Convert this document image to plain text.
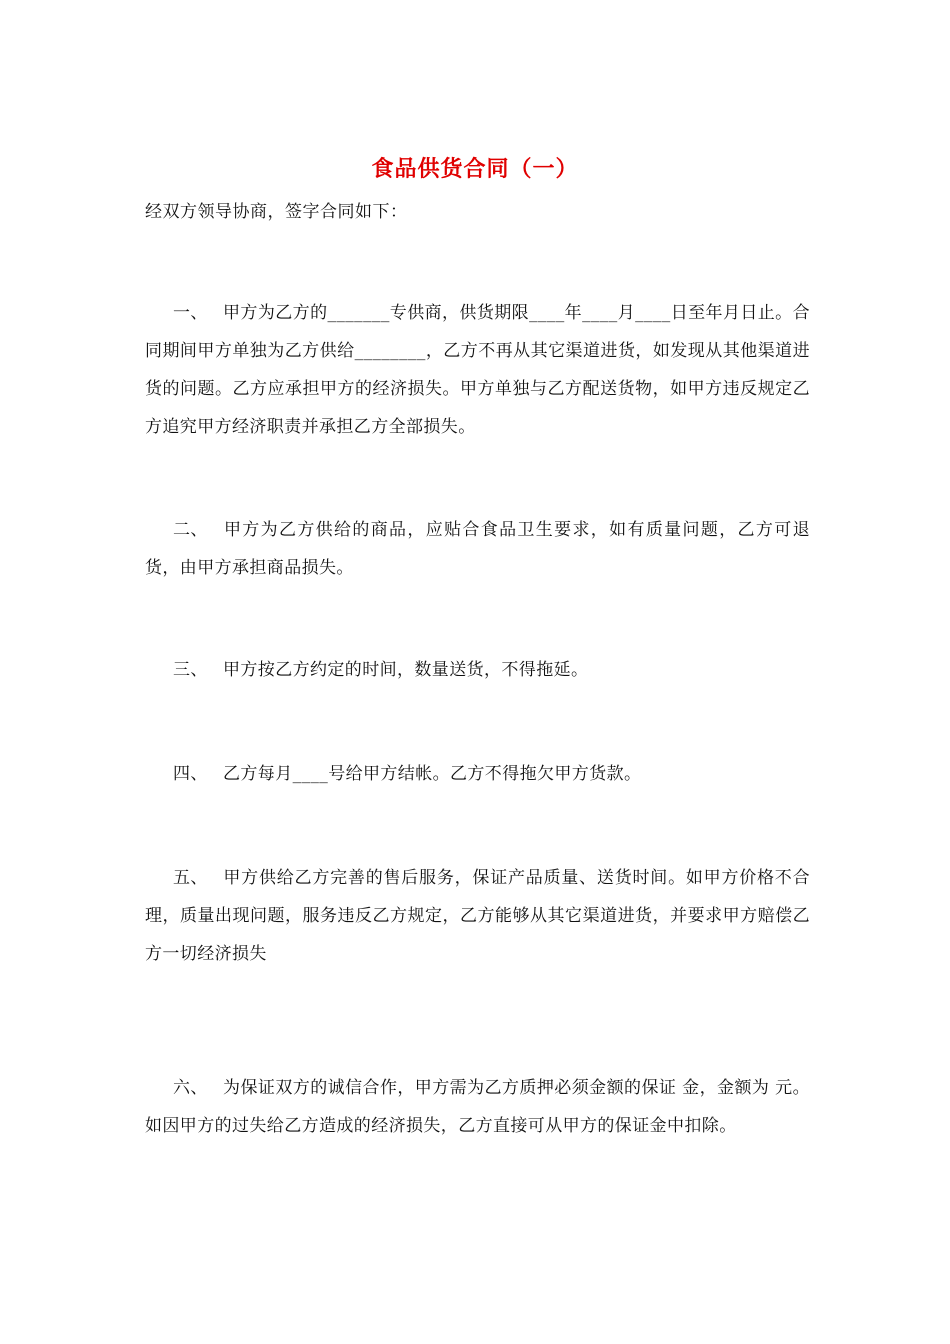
食品供货合同（一）
经双方领导协商，签字合同如下：
一、 甲方为乙方的_______专供商，供货期限____年____月____日至年月日止。合同期间甲方单独为乙方供给________，乙方不再从其它渠道进货，如发现从其他渠道进货的问题。乙方应承担甲方的经济损失。甲方单独与乙方配送货物，如甲方违反规定乙方追究甲方经济职责并承担乙方全部损失。
二、 甲方为乙方供给的商品，应贴合食品卫生要求，如有质量问题，乙方可退货，由甲方承担商品损失。
三、 甲方按乙方约定的时间，数量送货，不得拖延。
四、 乙方每月____号给甲方结帐。乙方不得拖欠甲方货款。
五、 甲方供给乙方完善的售后服务，保证产品质量、送货时间。如甲方价格不合理，质量出现问题，服务违反乙方规定，乙方能够从其它渠道进货，并要求甲方赔偿乙方一切经济损失
六、 为保证双方的诚信合作，甲方需为乙方质押必须金额的保证 金，金额为 元。如因甲方的过失给乙方造成的经济损失，乙方直接可从甲方的保证金中扣除。
